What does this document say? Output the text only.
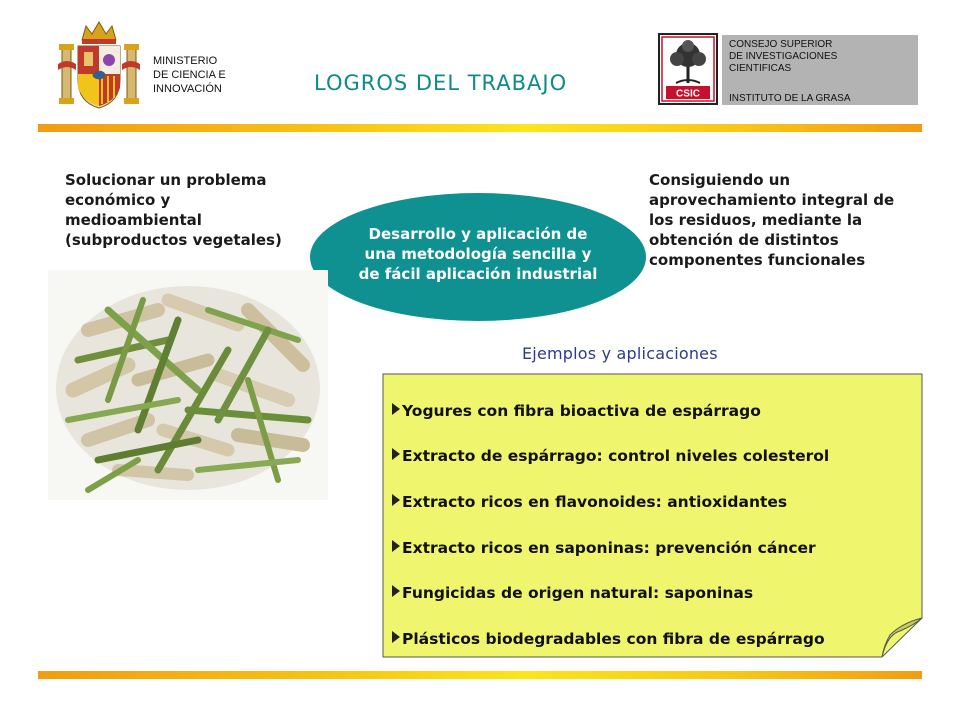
MINISTERIO
DE CIENCIA E
INNOVACIÓN	LOGROS DEL TRABAJO	CSIC
CONSEJO SUPERIOR
DE INVESTIGACIONES
CIENTIFICAS
INSTITUTO DE LA GRASA
Solucionar un problema
económico y
medioambiental
(subproductos vegetales)	Desarrollo y aplicación de
una metodología sencilla y
de fácil aplicación industrial
Consiguiendo un
aprovechamiento integral de
los residuos, mediante la
obtención de distintos
componentes funcionales
Ejemplos y aplicaciones
Yogures con fibra bioactiva de espárrago
Extracto de espárrago: control niveles colesterol
Extracto ricos en flavonoides: antioxidantes
Extracto ricos en saponinas: prevención cáncer
Fungicidas de origen natural: saponinas
Plásticos biodegradables con fibra de espárrago
